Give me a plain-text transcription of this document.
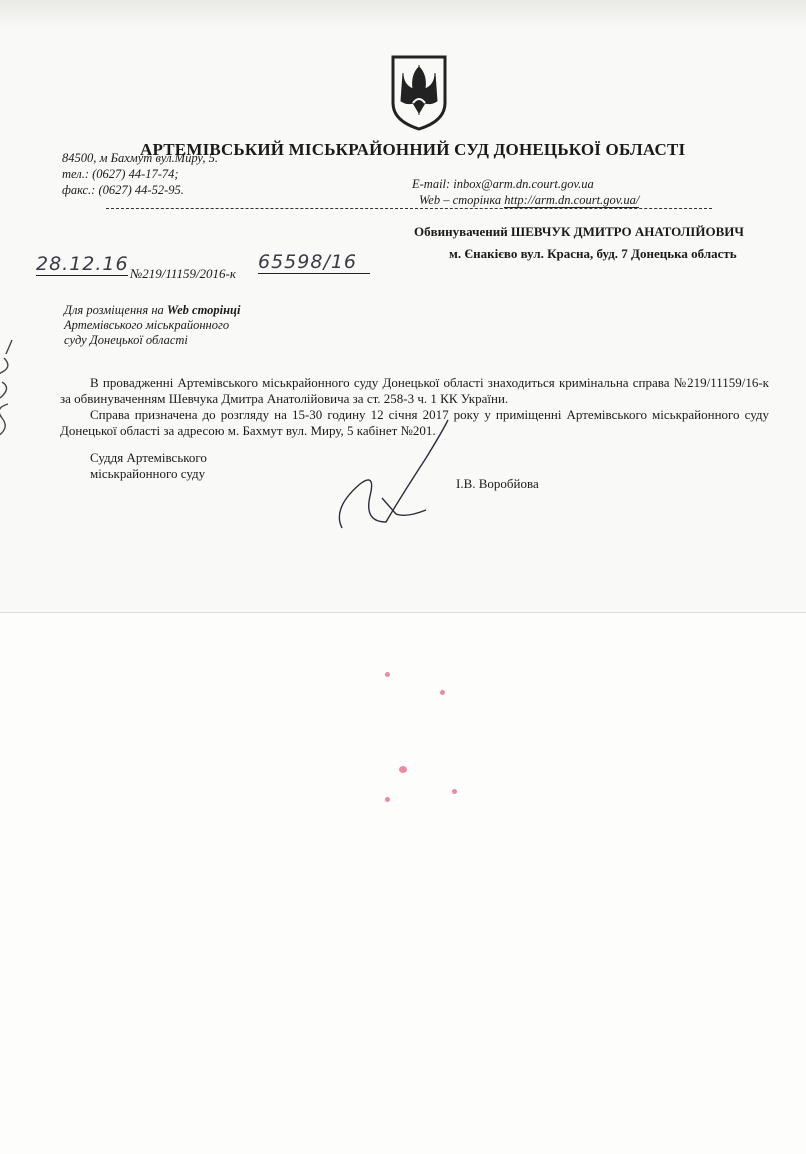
АРТЕМІВСЬКИЙ МІСЬКРАЙОННИЙ СУД ДОНЕЦЬКОЇ ОБЛАСТІ
84500, м Бахмут вул.Миру, 5.
тел.: (0627) 44-17-74;
факс.: (0627) 44-52-95.	E-mail: inbox@arm.dn.court.gov.ua
Web – сторінка http://arm.dn.court.gov.ua/
Обвинувачений ШЕВЧУК ДМИТРО АНАТОЛІЙОВИЧ
м. Єнакієво вул. Красна, буд. 7 Донецька область
28.12.16 №219/11159/2016-к
65598/16
Для розміщення на Web сторінці
Артемівського міськрайонного
суду Донецької області

В провадженні Артемівського міськрайонного суду Донецької області знаходиться кримінальна справа №219/11159/16-к за обвинуваченням Шевчука Дмитра Анатолійовича за ст. 258-3 ч. 1 КК України.

Справа призначена до розгляду на 15-30 годину 12 січня 2017 року у приміщенні Артемівського міськрайонного суду Донецької області за адресою м. Бахмут вул. Миру, 5 кабінет №201.

Суддя Артемівського
міськрайонного суду
І.В. Воробйова
